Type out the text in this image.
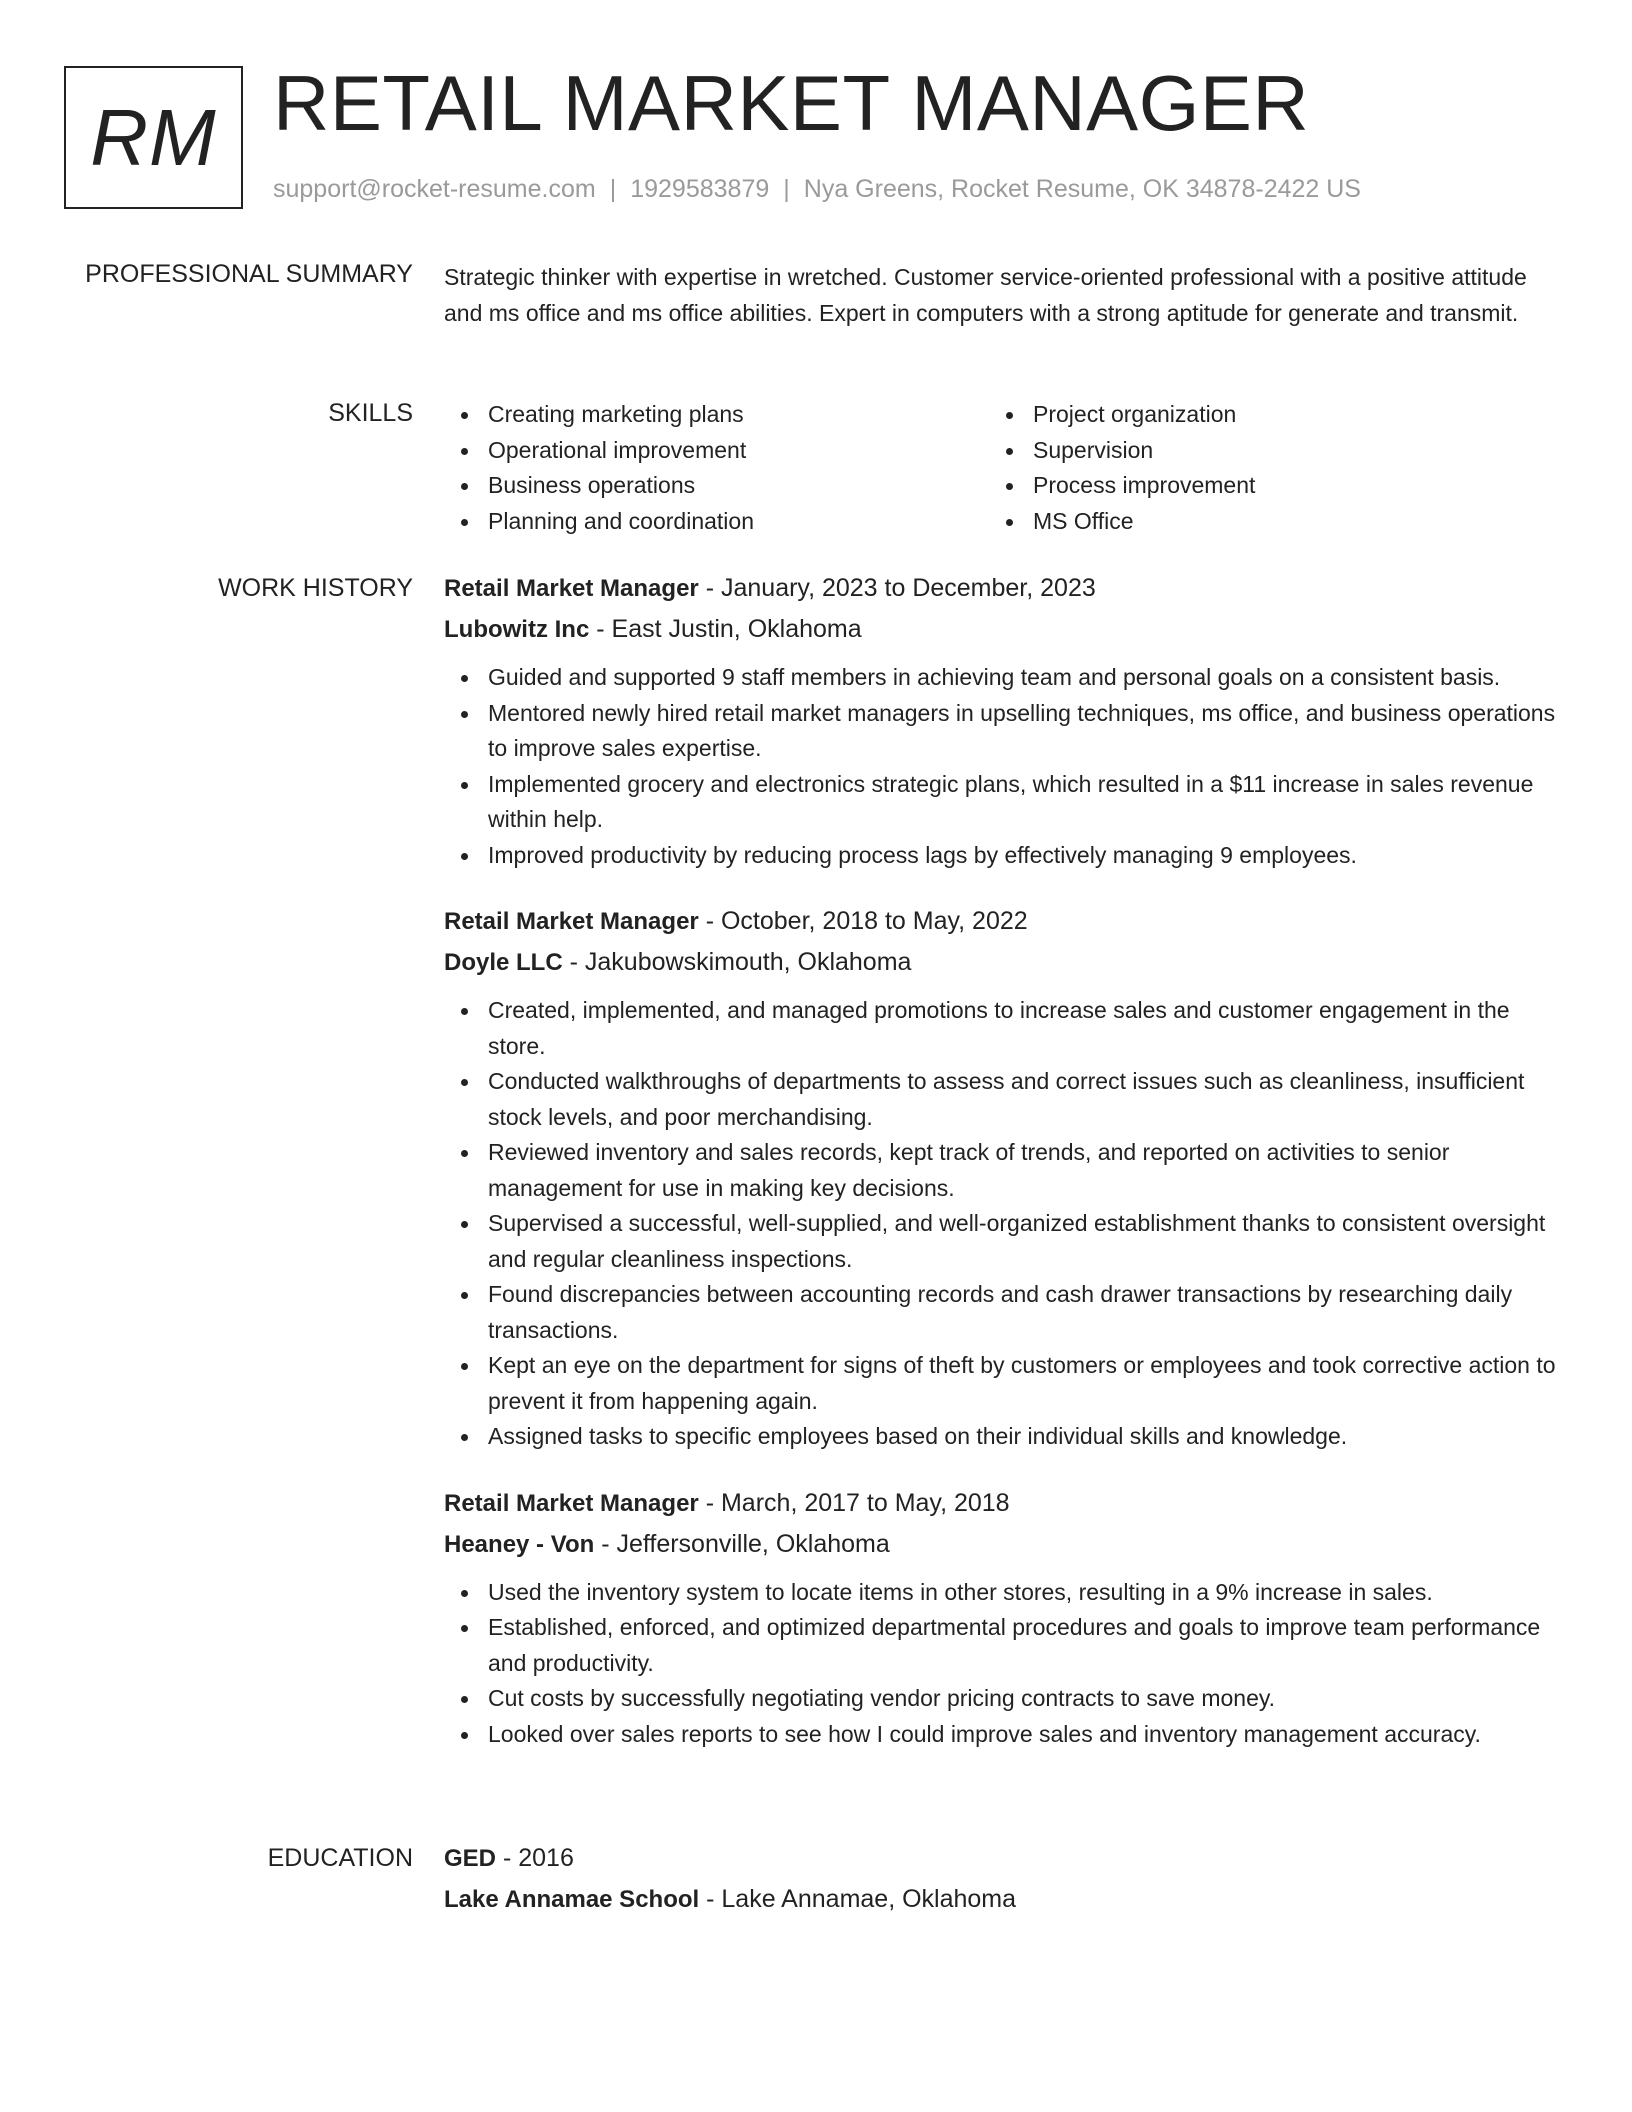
RM RETAIL MARKET MANAGER
support@rocket-resume.com | 1929583879 | Nya Greens, Rocket Resume, OK 34878-2422 US
PROFESSIONAL SUMMARY Strategic thinker with expertise in wretched. Customer service-oriented professional with a positive attitude and ms office and ms office abilities. Expert in computers with a strong aptitude for generate and transmit.

SKILLS	Creating marketing plans
Operational improvement
Business operations
Planning and coordination
Project organization
Supervision
Process improvement
MS Office
WORK HISTORY Retail Market Manager - January, 2023 to December, 2023
Lubowitz Inc - East Justin, Oklahoma
Guided and supported 9 staff members in achieving team and personal goals on a consistent basis.
Mentored newly hired retail market managers in upselling techniques, ms office, and business operations to improve sales expertise.
Implemented grocery and electronics strategic plans, which resulted in a $11 increase in sales revenue within help.
Improved productivity by reducing process lags by effectively managing 9 employees.
Retail Market Manager - October, 2018 to May, 2022
Doyle LLC - Jakubowskimouth, Oklahoma
Created, implemented, and managed promotions to increase sales and customer engagement in the store.
Conducted walkthroughs of departments to assess and correct issues such as cleanliness, insufficient stock levels, and poor merchandising.
Reviewed inventory and sales records, kept track of trends, and reported on activities to senior management for use in making key decisions.
Supervised a successful, well-supplied, and well-organized establishment thanks to consistent oversight and regular cleanliness inspections.
Found discrepancies between accounting records and cash drawer transactions by researching daily transactions.
Kept an eye on the department for signs of theft by customers or employees and took corrective action to prevent it from happening again.
Assigned tasks to specific employees based on their individual skills and knowledge.
Retail Market Manager - March, 2017 to May, 2018
Heaney - Von - Jeffersonville, Oklahoma
Used the inventory system to locate items in other stores, resulting in a 9% increase in sales.
Established, enforced, and optimized departmental procedures and goals to improve team performance and productivity.
Cut costs by successfully negotiating vendor pricing contracts to save money.
Looked over sales reports to see how I could improve sales and inventory management accuracy.
EDUCATION GED - 2016
Lake Annamae School - Lake Annamae, Oklahoma
